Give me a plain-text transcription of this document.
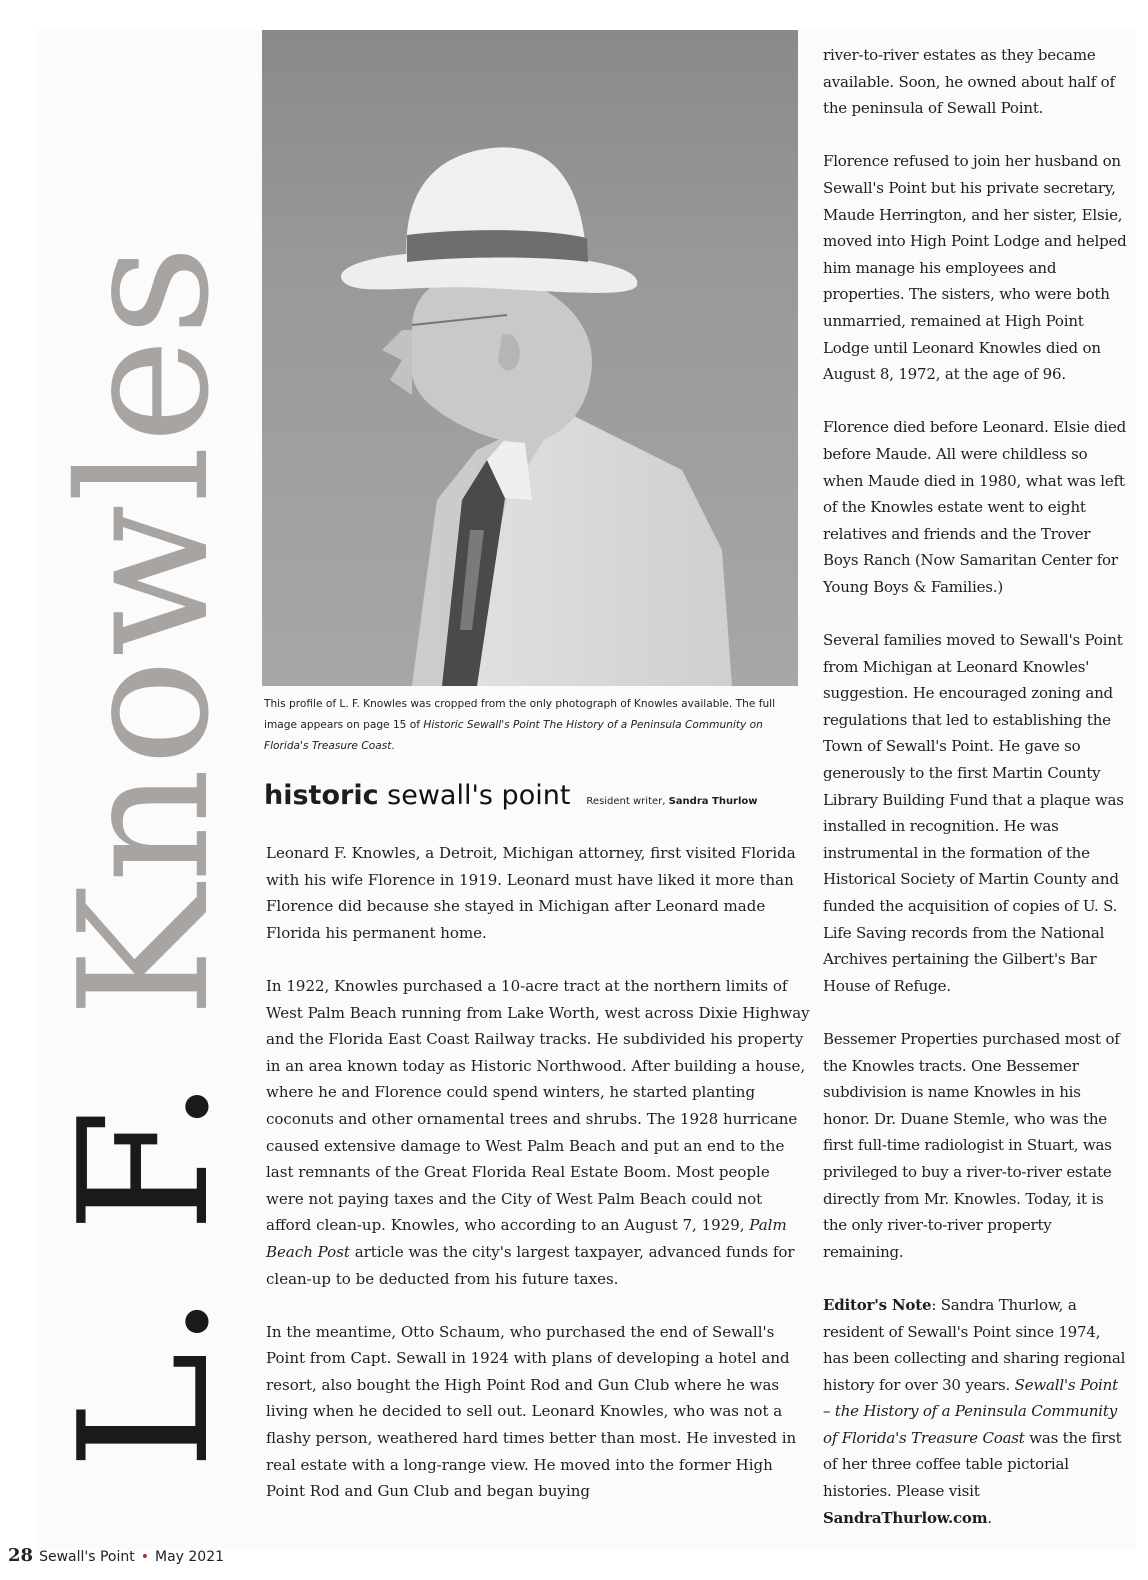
L. F. Knowles This profile of L. F. Knowles was cropped from the only photograph of Knowles available. The full image appears on page 15 of Historic Sewall's Point The History of a Peninsula Community on Florida's Treasure Coast.
historic sewall's point Resident writer, Sandra Thurlow

Leonard F. Knowles, a Detroit, Michigan attorney, first visited Florida with his wife Florence in 1919. Leonard must have liked it more than Florence did because she stayed in Michigan after Leonard made Florida his permanent home.

In 1922, Knowles purchased a 10-acre tract at the northern limits of West Palm Beach running from Lake Worth, west across Dixie Highway and the Florida East Coast Railway tracks. He subdivided his property in an area known today as Historic Northwood. After building a house, where he and Florence could spend winters, he started planting coconuts and other ornamental trees and shrubs. The 1928 hurricane caused extensive damage to West Palm Beach and put an end to the last remnants of the Great Florida Real Estate Boom. Most people were not paying taxes and the City of West Palm Beach could not afford clean-up. Knowles, who according to an August 7, 1929, Palm Beach Post article was the city's largest taxpayer, advanced funds for clean-up to be deducted from his future taxes.

In the meantime, Otto Schaum, who purchased the end of Sewall's Point from Capt. Sewall in 1924 with plans of developing a hotel and resort, also bought the High Point Rod and Gun Club where he was living when he decided to sell out. Leonard Knowles, who was not a flashy person, weathered hard times better than most. He invested in real estate with a long-range view. He moved into the former High Point Rod and Gun Club and began buying

river-to-river estates as they became available. Soon, he owned about half of the peninsula of Sewall Point.

Florence refused to join her husband on Sewall's Point but his private secretary, Maude Herrington, and her sister, Elsie, moved into High Point Lodge and helped him manage his employees and properties. The sisters, who were both unmarried, remained at High Point Lodge until Leonard Knowles died on August 8, 1972, at the age of 96.

Florence died before Leonard. Elsie died before Maude. All were childless so when Maude died in 1980, what was left of the Knowles estate went to eight relatives and friends and the Trover Boys Ranch (Now Samaritan Center for Young Boys & Families.)

Several families moved to Sewall's Point from Michigan at Leonard Knowles' suggestion. He encouraged zoning and regulations that led to establishing the Town of Sewall's Point. He gave so generously to the first Martin County Library Building Fund that a plaque was installed in recognition. He was instrumental in the formation of the Historical Society of Martin County and funded the acquisition of copies of U. S. Life Saving records from the National Archives pertaining the Gilbert's Bar House of Refuge.

Bessemer Properties purchased most of the Knowles tracts. One Bessemer subdivision is name Knowles in his honor. Dr. Duane Stemle, who was the first full-time radiologist in Stuart, was privileged to buy a river-to-river estate directly from Mr. Knowles. Today, it is the only river-to-river property remaining.

Editor's Note: Sandra Thurlow, a resident of Sewall's Point since 1974, has been collecting and sharing regional history for over 30 years. Sewall's Point – the History of a Peninsula Community of Florida's Treasure Coast was the first of her three coffee table pictorial histories. Please visit SandraThurlow.com.

28 Sewall's Point • May 2021
